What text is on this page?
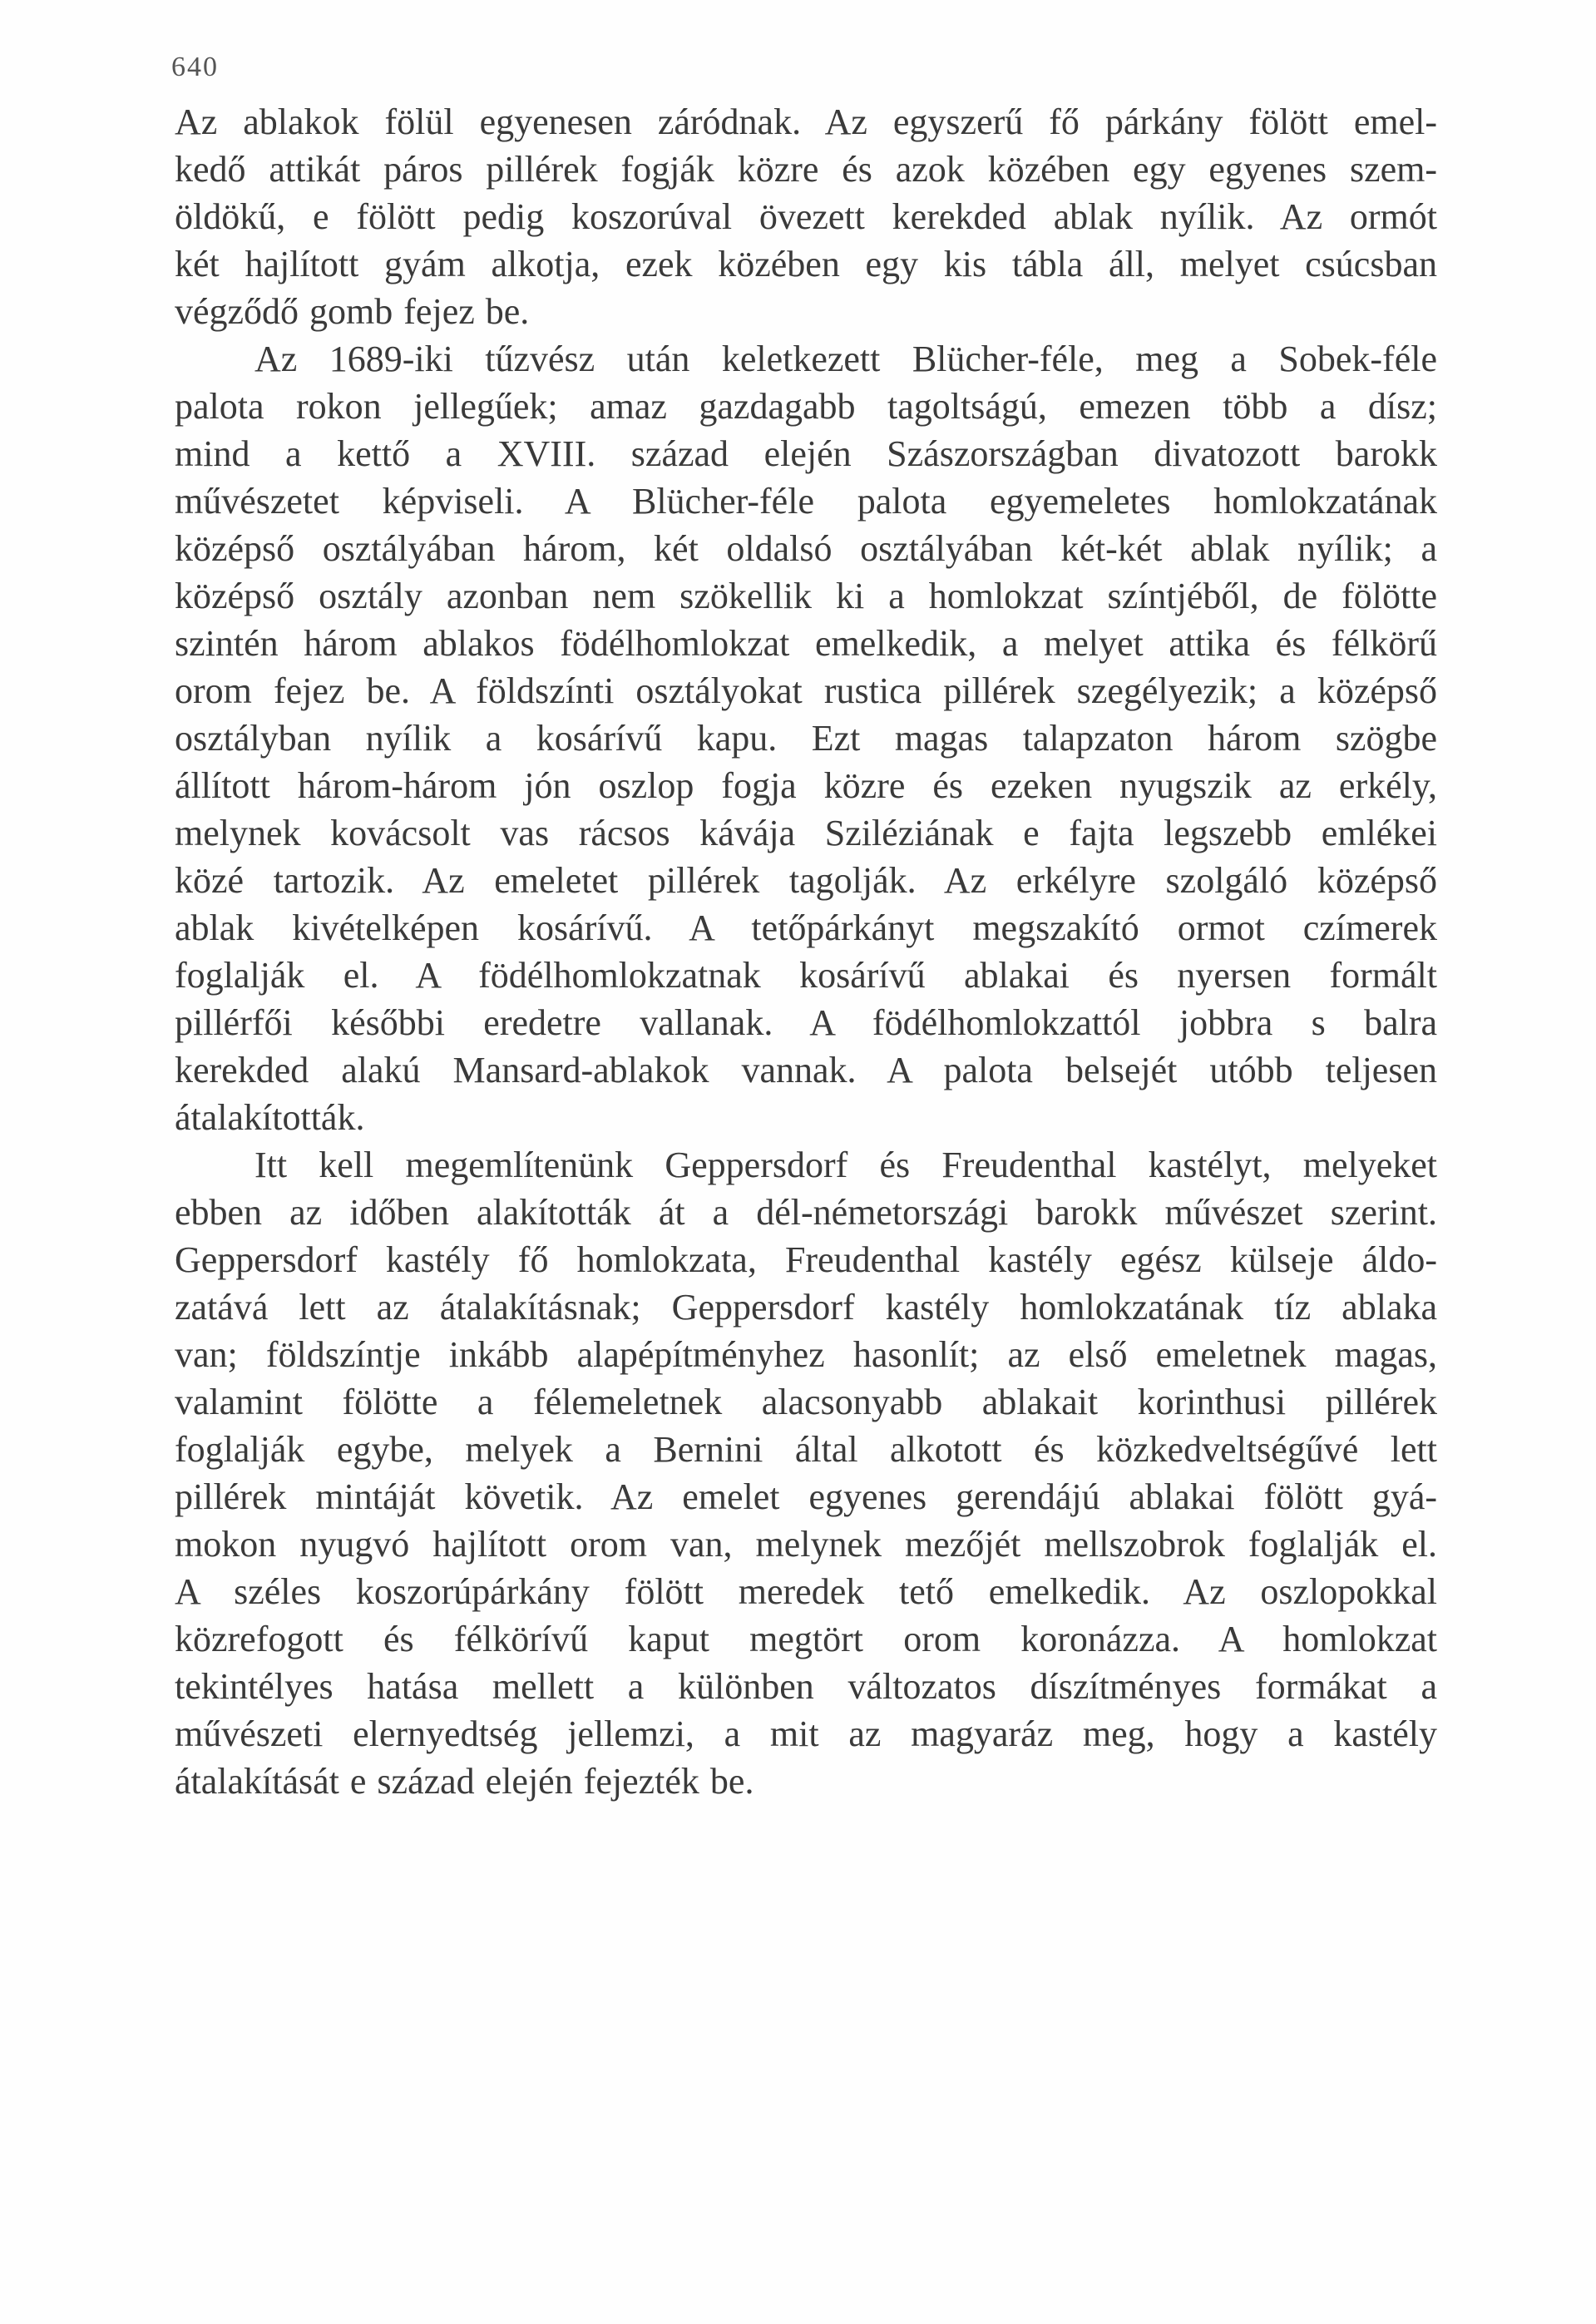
640
Az ablakok fölül egyenesen záródnak. Az egyszerű fő párkány fölött emel-
kedő attikát páros pillérek fogják közre és azok közében egy egyenes szem-
öldökű, e fölött pedig koszorúval övezett kerekded ablak nyílik. Az ormót
két hajlított gyám alkotja, ezek közében egy kis tábla áll, melyet csúcsban
végződő gomb fejez be.
Az 1689-iki tűzvész után keletkezett Blücher-féle, meg a Sobek-féle
palota rokon jellegűek; amaz gazdagabb tagoltságú, emezen több a dísz;
mind a kettő a XVIII. század elején Szászországban divatozott barokk
művészetet képviseli. A Blücher-féle palota egyemeletes homlokzatának
középső osztályában három, két oldalsó osztályában két-két ablak nyílik; a
középső osztály azonban nem szökellik ki a homlokzat színtjéből, de fölötte
szintén három ablakos födélhomlokzat emelkedik, a melyet attika és félkörű
orom fejez be. A földszínti osztályokat rustica pillérek szegélyezik; a középső
osztályban nyílik a kosárívű kapu. Ezt magas talapzaton három szögbe
állított három-három jón oszlop fogja közre és ezeken nyugszik az erkély,
melynek kovácsolt vas rácsos kávája Sziléziának e fajta legszebb emlékei
közé tartozik. Az emeletet pillérek tagolják. Az erkélyre szolgáló középső
ablak kivételképen kosárívű. A tetőpárkányt megszakító ormot czímerek
foglalják el. A födélhomlokzatnak kosárívű ablakai és nyersen formált
pillérfői későbbi eredetre vallanak. A födélhomlokzattól jobbra s balra
kerekded alakú Mansard-ablakok vannak. A palota belsejét utóbb teljesen
átalakították.
Itt kell megemlítenünk Geppersdorf és Freudenthal kastélyt, melyeket
ebben az időben alakították át a dél-németországi barokk művészet szerint.
Geppersdorf kastély fő homlokzata, Freudenthal kastély egész külseje áldo-
zatává lett az átalakításnak; Geppersdorf kastély homlokzatának tíz ablaka
van; földszíntje inkább alapépítményhez hasonlít; az első emeletnek magas,
valamint fölötte a félemeletnek alacsonyabb ablakait korinthusi pillérek
foglalják egybe, melyek a Bernini által alkotott és közkedveltségűvé lett
pillérek mintáját követik. Az emelet egyenes gerendájú ablakai fölött gyá-
mokon nyugvó hajlított orom van, melynek mezőjét mellszobrok foglalják el.
A széles koszorúpárkány fölött meredek tető emelkedik. Az oszlopokkal
közrefogott és félkörívű kaput megtört orom koronázza. A homlokzat
tekintélyes hatása mellett a különben változatos díszítményes formákat a
művészeti elernyedtség jellemzi, a mit az magyaráz meg, hogy a kastély
átalakítását e század elején fejezték be.
